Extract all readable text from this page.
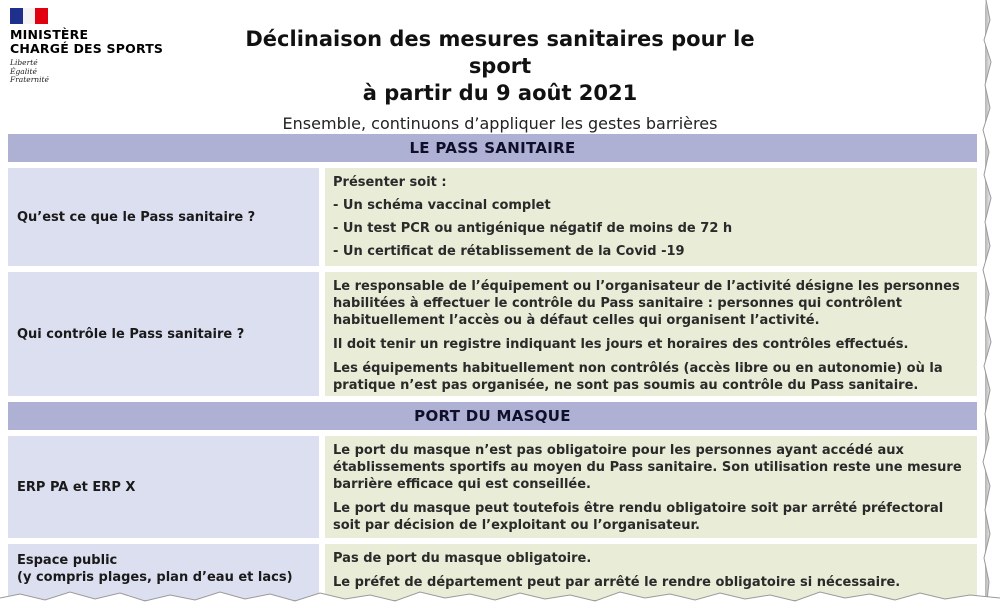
MINISTÈRE
CHARGÉ DES SPORTS
Liberté
Égalité
Fraternité
Déclinaison des mesures sanitaires pour le sport
à partir du 9 août 2021
Ensemble, continuons d’appliquer les gestes barrières
LE PASS SANITAIRE
Qu’est ce que le Pass sanitaire ?

Présenter soit :

- Un schéma vaccinal complet

- Un test PCR ou antigénique négatif de moins de 72 h

- Un certificat de rétablissement de la Covid -19

Qui contrôle le Pass sanitaire ?

Le responsable de l’équipement ou l’organisateur de l’activité désigne les personnes habilitées à effectuer le contrôle du Pass sanitaire : personnes qui contrôlent habituellement l’accès ou à défaut celles qui organisent l’activité.

Il doit tenir un registre indiquant les jours et horaires des contrôles effectués.

Les équipements habituellement non contrôlés (accès libre ou en autonomie) où la pratique n’est pas organisée, ne sont pas soumis au contrôle du Pass sanitaire.

PORT DU MASQUE
ERP PA et ERP X

Le port du masque n’est pas obligatoire pour les personnes ayant accédé aux établissements sportifs au moyen du Pass sanitaire. Son utilisation reste une mesure barrière efficace qui est conseillée.

Le port du masque peut toutefois être rendu obligatoire soit par arrêté préfectoral soit par décision de l’exploitant ou l’organisateur.

Espace public
(y compris plages, plan d’eau et lacs)

Pas de port du masque obligatoire.

Le préfet de département peut par arrêté le rendre obligatoire si nécessaire.
